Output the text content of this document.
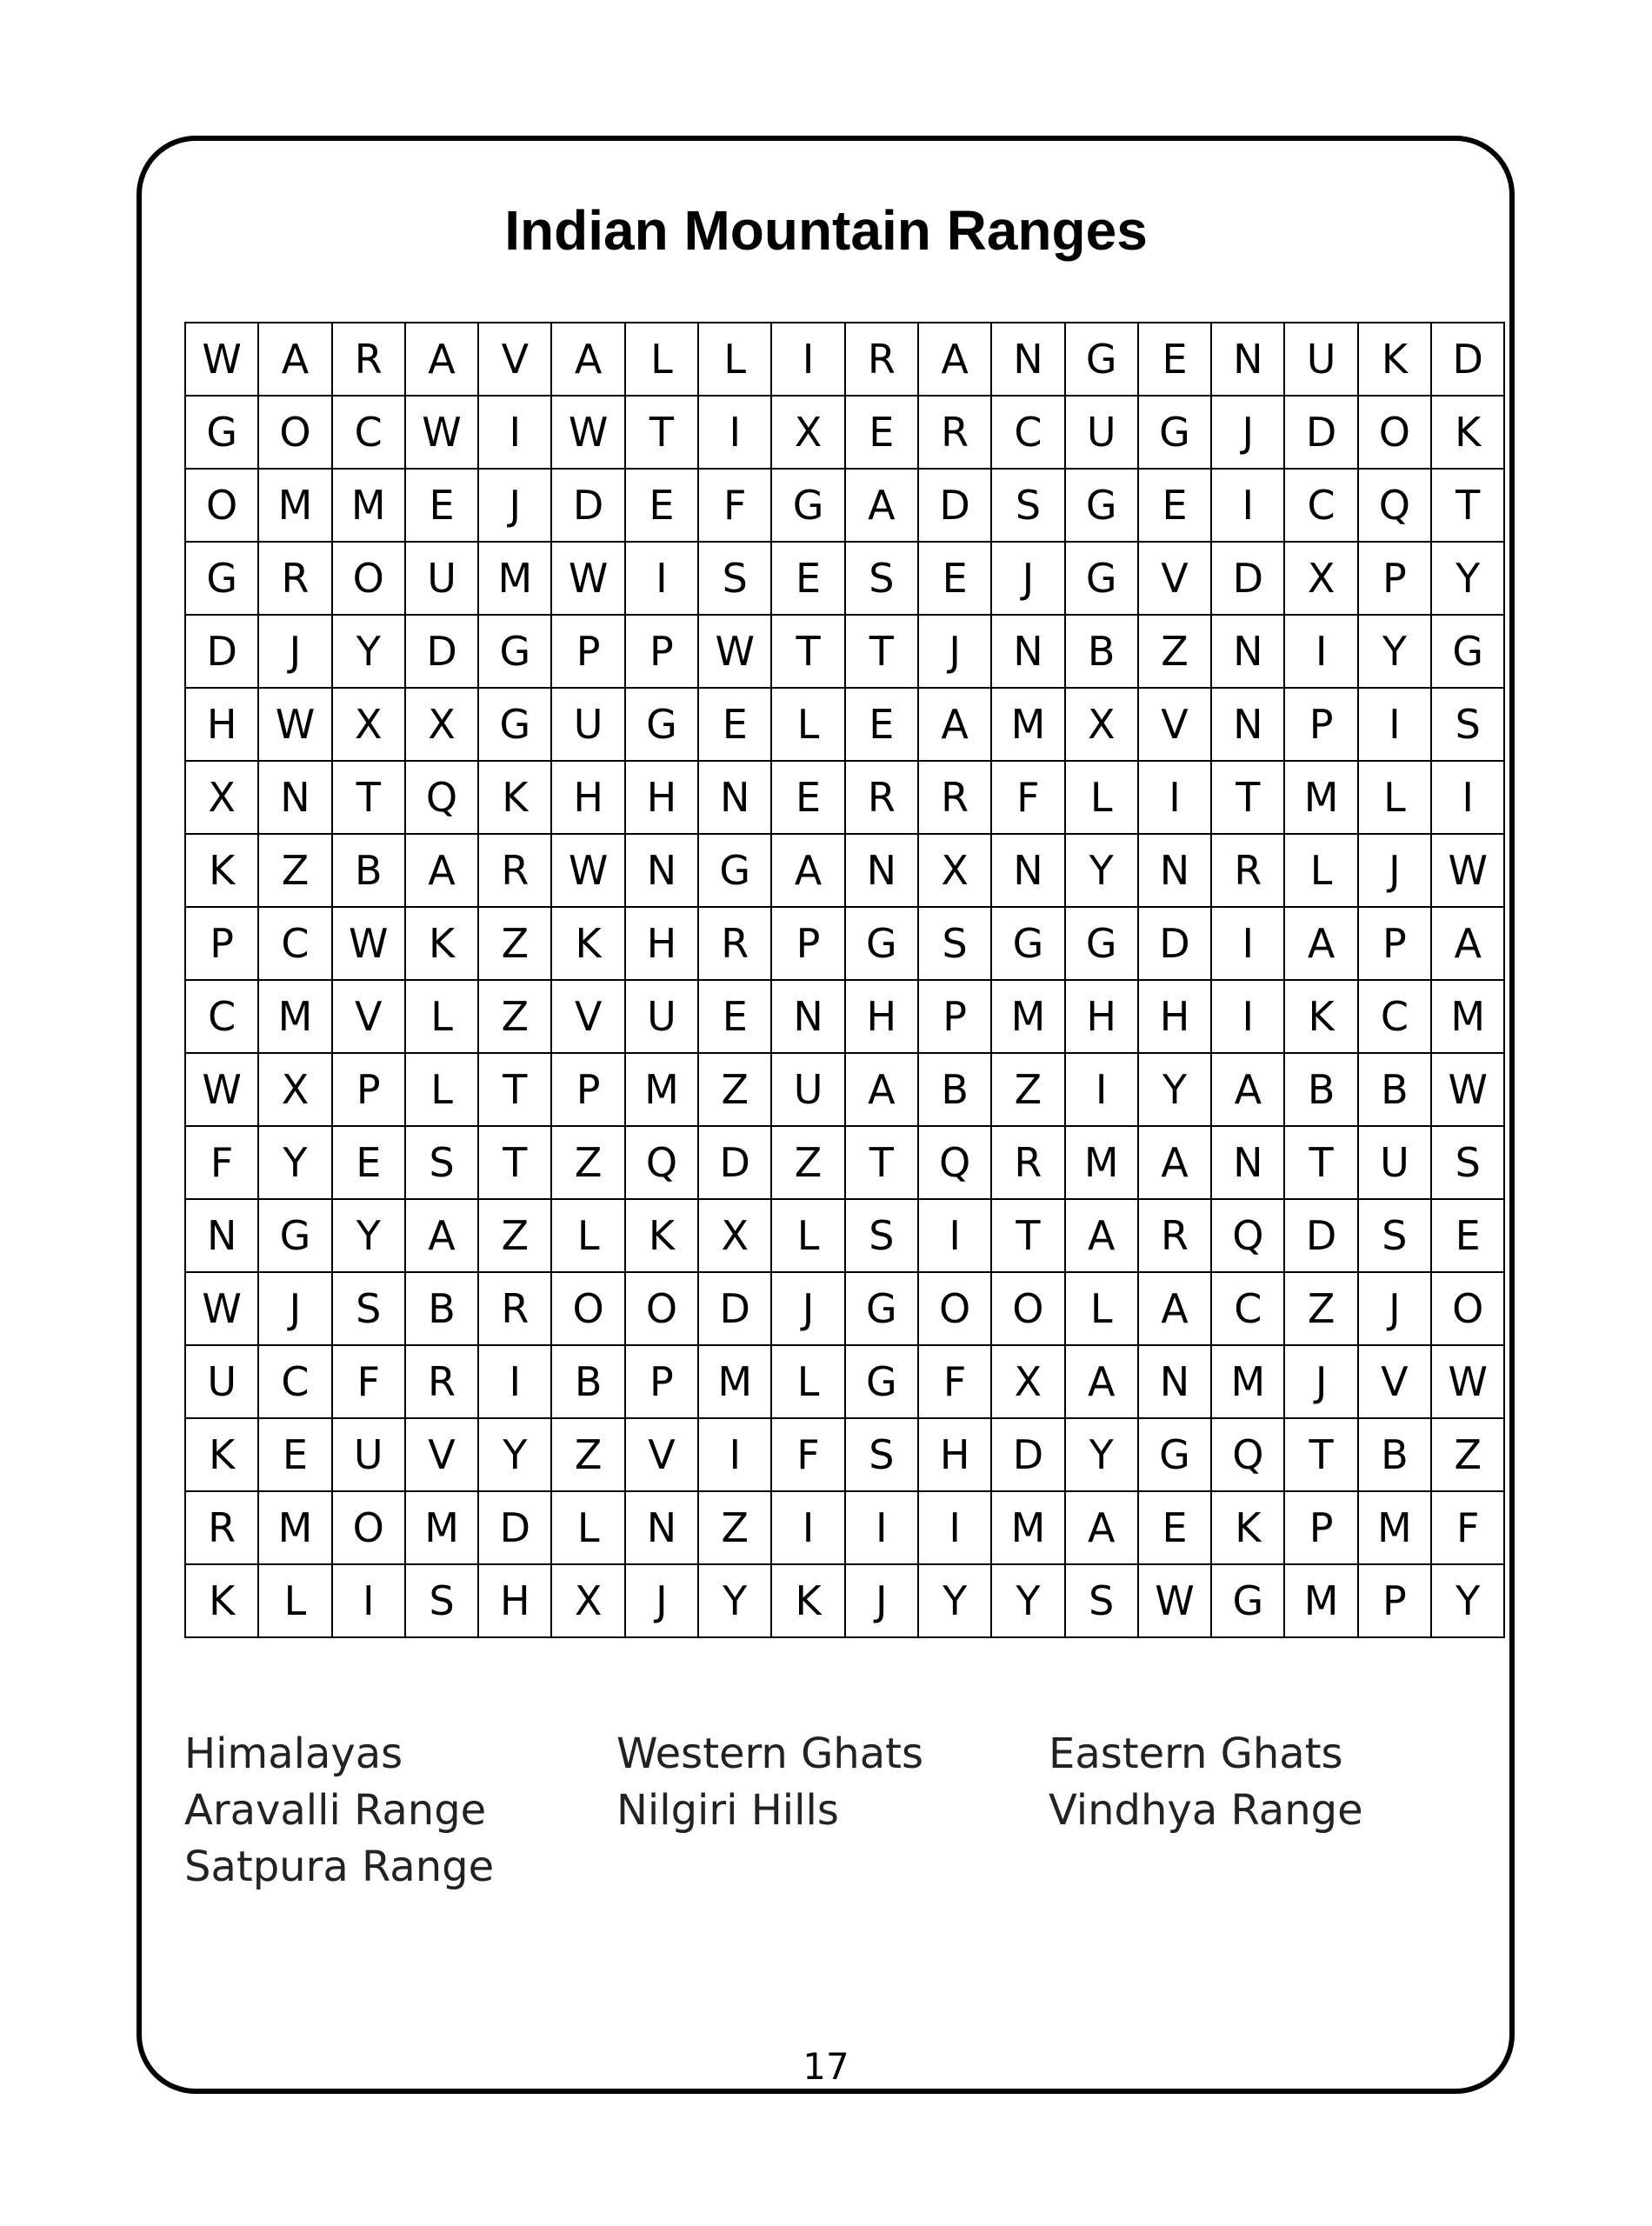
Indian Mountain Ranges
W	A	R	A	V	A	L	L	I	R	A	N	G	E	N	U	K	D
G	O	C	W	I	W	T	I	X	E	R	C	U	G	J	D	O	K
O	M	M	E	J	D	E	F	G	A	D	S	G	E	I	C	Q	T
G	R	O	U	M	W	I	S	E	S	E	J	G	V	D	X	P	Y
D	J	Y	D	G	P	P	W	T	T	J	N	B	Z	N	I	Y	G
H	W	X	X	G	U	G	E	L	E	A	M	X	V	N	P	I	S
X	N	T	Q	K	H	H	N	E	R	R	F	L	I	T	M	L	I
K	Z	B	A	R	W	N	G	A	N	X	N	Y	N	R	L	J	W
P	C	W	K	Z	K	H	R	P	G	S	G	G	D	I	A	P	A
C	M	V	L	Z	V	U	E	N	H	P	M	H	H	I	K	C	M
W	X	P	L	T	P	M	Z	U	A	B	Z	I	Y	A	B	B	W
F	Y	E	S	T	Z	Q	D	Z	T	Q	R	M	A	N	T	U	S
N	G	Y	A	Z	L	K	X	L	S	I	T	A	R	Q	D	S	E
W	J	S	B	R	O	O	D	J	G	O	O	L	A	C	Z	J	O
U	C	F	R	I	B	P	M	L	G	F	X	A	N	M	J	V	W
K	E	U	V	Y	Z	V	I	F	S	H	D	Y	G	Q	T	B	Z
R	M	O	M	D	L	N	Z	I	I	I	M	A	E	K	P	M	F
K	L	I	S	H	X	J	Y	K	J	Y	Y	S	W	G	M	P	Y
Himalayas	Western Ghats	Eastern Ghats
Aravalli Range	Nilgiri Hills	Vindhya Range
Satpura Range
17
